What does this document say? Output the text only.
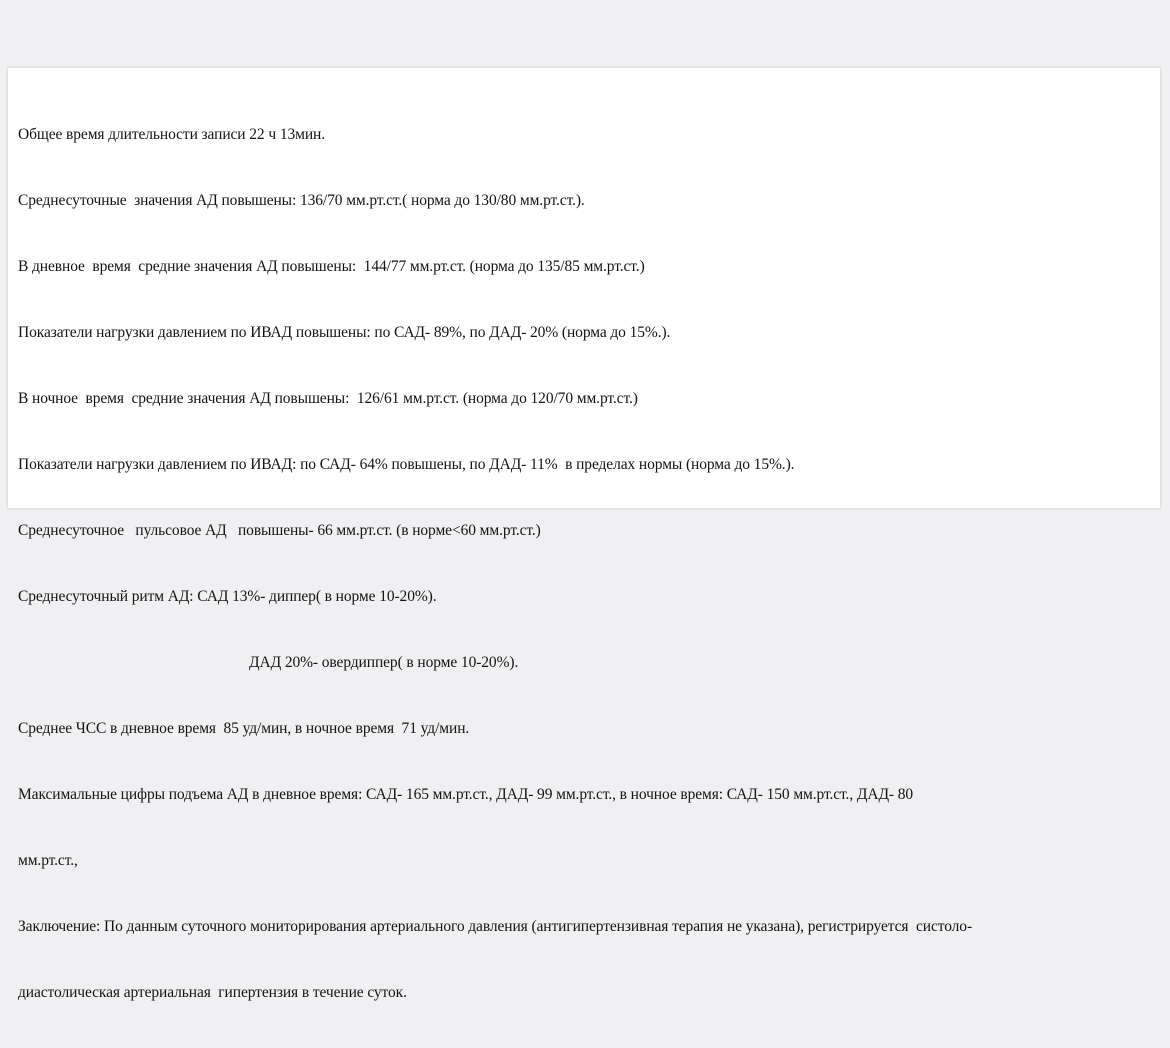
Общее время длительности записи 22 ч 13мин.

Среднесуточные  значения АД повышены: 136/70 мм.рт.ст.( норма до 130/80 мм.рт.ст.).

В дневное  время  средние значения АД повышены:  144/77 мм.рт.ст. (норма до 135/85 мм.рт.ст.)

Показатели нагрузки давлением по ИВАД повышены: по САД- 89%, по ДАД- 20% (норма до 15%.).

В ночное  время  средние значения АД повышены:  126/61 мм.рт.ст. (норма до 120/70 мм.рт.ст.)

Показатели нагрузки давлением по ИВАД: по САД- 64% повышены, по ДАД- 11%  в пределах нормы (норма до 15%.).

Среднесуточное   пульсовое АД   повышены- 66 мм.рт.ст. (в норме<60 мм.рт.ст.)

Среднесуточный ритм АД: САД 13%- диппер( в норме 10-20%).

ДАД 20%- овердиппер( в норме 10-20%).

Среднее ЧСС в дневное время  85 уд/мин, в ночное время  71 уд/мин.

Максимальные цифры подъема АД в дневное время: САД- 165 мм.рт.ст., ДАД- 99 мм.рт.ст., в ночное время: САД- 150 мм.рт.ст., ДАД- 80

мм.рт.ст.,

Заключение: По данным суточного мониторирования артериального давления (антигипертензивная терапия не указана), регистрируется  систоло-

диастолическая артериальная  гипертензия в течение суток.
